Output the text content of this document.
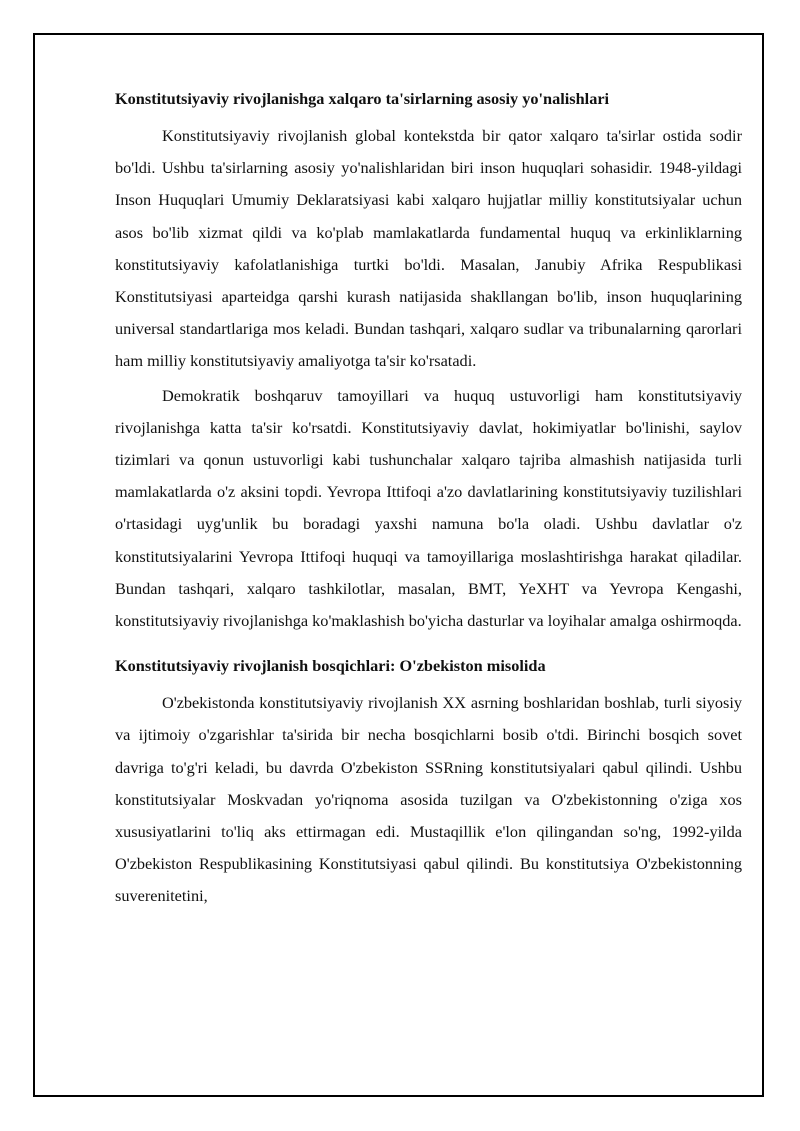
Konstitutsiyaviy rivojlanishga xalqaro ta'sirlarning asosiy yo'nalishlari

Konstitutsiyaviy rivojlanish global kontekstda bir qator xalqaro ta'sirlar ostida sodir bo'ldi. Ushbu ta'sirlarning asosiy yo'nalishlaridan biri inson huquqlari sohasidir. 1948-yildagi Inson Huquqlari Umumiy Deklaratsiyasi kabi xalqaro hujjatlar milliy konstitutsiyalar uchun asos bo'lib xizmat qildi va ko'plab mamlakatlarda fundamental huquq va erkinliklarning konstitutsiyaviy kafolatlanishiga turtki bo'ldi. Masalan, Janubiy Afrika Respublikasi Konstitutsiyasi aparteidga qarshi kurash natijasida shakllangan bo'lib, inson huquqlarining universal standartlariga mos keladi. Bundan tashqari, xalqaro sudlar va tribunalarning qarorlari ham milliy konstitutsiyaviy amaliyotga ta'sir ko'rsatadi.

Demokratik boshqaruv tamoyillari va huquq ustuvorligi ham konstitutsiyaviy rivojlanishga katta ta'sir ko'rsatdi. Konstitutsiyaviy davlat, hokimiyatlar bo'linishi, saylov tizimlari va qonun ustuvorligi kabi tushunchalar xalqaro tajriba almashish natijasida turli mamlakatlarda o'z aksini topdi. Yevropa Ittifoqi a'zo davlatlarining konstitutsiyaviy tuzilishlari o'rtasidagi uyg'unlik bu boradagi yaxshi namuna bo'la oladi. Ushbu davlatlar o'z konstitutsiyalarini Yevropa Ittifoqi huquqi va tamoyillariga moslashtirishga harakat qiladilar. Bundan tashqari, xalqaro tashkilotlar, masalan, BMT, YeXHT va Yevropa Kengashi, konstitutsiyaviy rivojlanishga ko'maklashish bo'yicha dasturlar va loyihalar amalga oshirmoqda.

Konstitutsiyaviy rivojlanish bosqichlari: O'zbekiston misolida

O'zbekistonda konstitutsiyaviy rivojlanish XX asrning boshlaridan boshlab, turli siyosiy va ijtimoiy o'zgarishlar ta'sirida bir necha bosqichlarni bosib o'tdi. Birinchi bosqich sovet davriga to'g'ri keladi, bu davrda O'zbekiston SSRning konstitutsiyalari qabul qilindi. Ushbu konstitutsiyalar Moskvadan yo'riqnoma asosida tuzilgan va O'zbekistonning o'ziga xos xususiyatlarini to'liq aks ettirmagan edi. Mustaqillik e'lon qilingandan so'ng, 1992-yilda O'zbekiston Respublikasining Konstitutsiyasi qabul qilindi. Bu konstitutsiya O'zbekistonning suverenitetini,
